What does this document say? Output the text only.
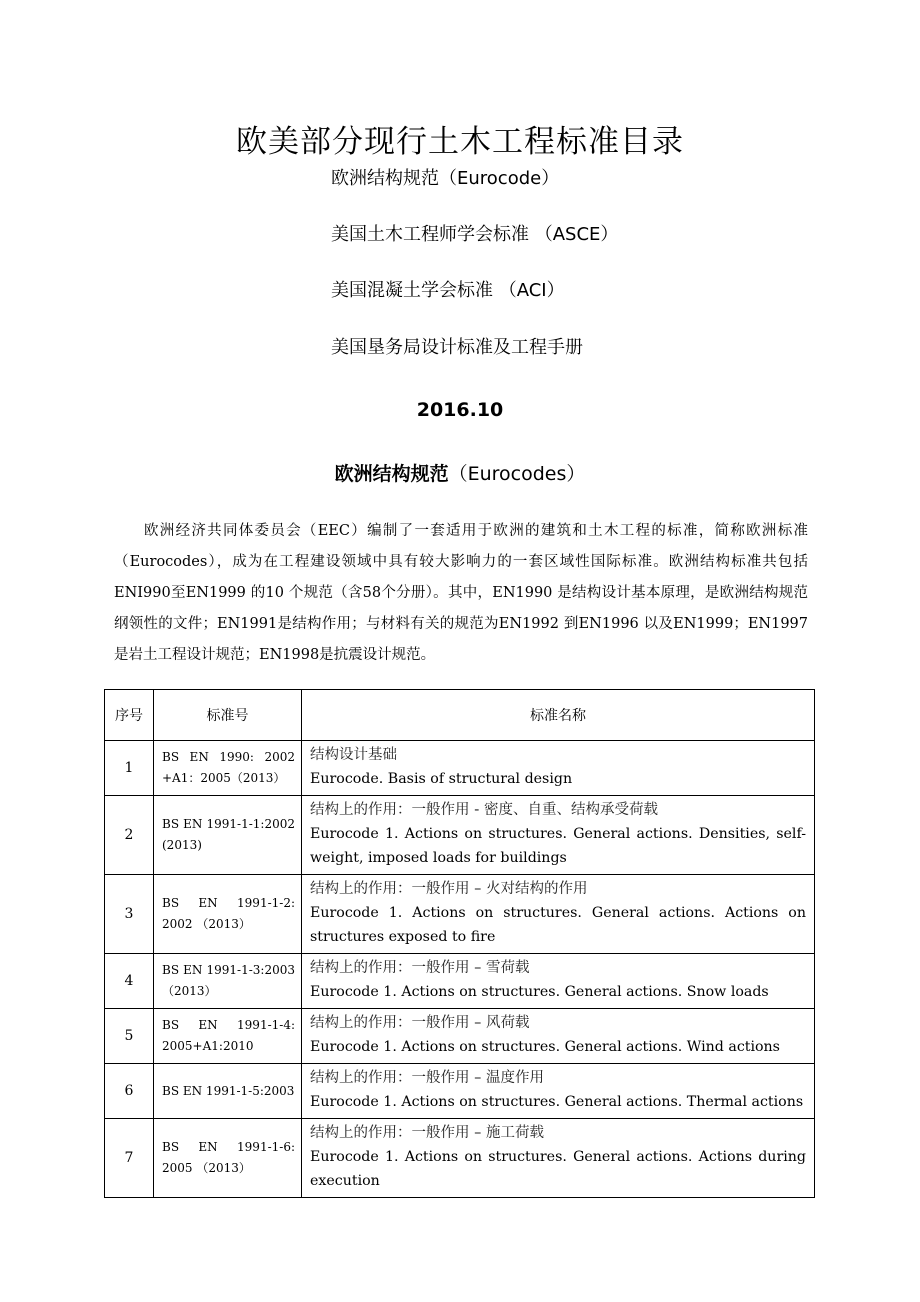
欧美部分现行土木工程标准目录
欧洲结构规范（Eurocode）
美国土木工程师学会标准 （ASCE）
美国混凝土学会标准 （ACI）
美国垦务局设计标准及工程手册
2016.10
欧洲结构规范（Eurocodes）

欧洲经济共同体委员会（EEC）编制了一套适用于欧洲的建筑和土木工程的标准，简称欧洲标准（Eurocodes），成为在工程建设领域中具有较大影响力的一套区域性国际标准。欧洲结构标准共包括ENI990至EN1999 的10 个规范（含58个分册）。其中，EN1990 是结构设计基本原理，是欧洲结构规范纲领性的文件；EN1991是结构作用；与材料有关的规范为EN1992 到EN1996 以及EN1999；EN1997是岩土工程设计规范；EN1998是抗震设计规范。

序号	标准号	标准名称
1	BS EN 1990: 2002 +A1：2005（2013）	结构设计基础
Eurocode. Basis of structural design

2	BS EN 1991-1-1:2002 (2013)	结构上的作用：一般作用 - 密度、自重、结构承受荷载
Eurocode 1. Actions on structures. General actions. Densities, self-weight, imposed loads for buildings

3	BS EN 1991-1-2: 2002 （2013）	结构上的作用：一般作用 – 火对结构的作用
Eurocode 1. Actions on structures. General actions. Actions on structures exposed to fire

4	BS EN 1991-1-3:2003 （2013）	结构上的作用：一般作用 – 雪荷载
Eurocode 1. Actions on structures. General actions. Snow loads

5	BS EN 1991-1-4: 2005+A1:2010	结构上的作用：一般作用 – 风荷载
Eurocode 1. Actions on structures. General actions. Wind actions

6	BS EN 1991-1-5:2003	结构上的作用：一般作用 – 温度作用
Eurocode 1. Actions on structures. General actions. Thermal actions

7	BS EN 1991-1-6: 2005 （2013）	结构上的作用：一般作用 – 施工荷载
Eurocode 1. Actions on structures. General actions. Actions during execution
